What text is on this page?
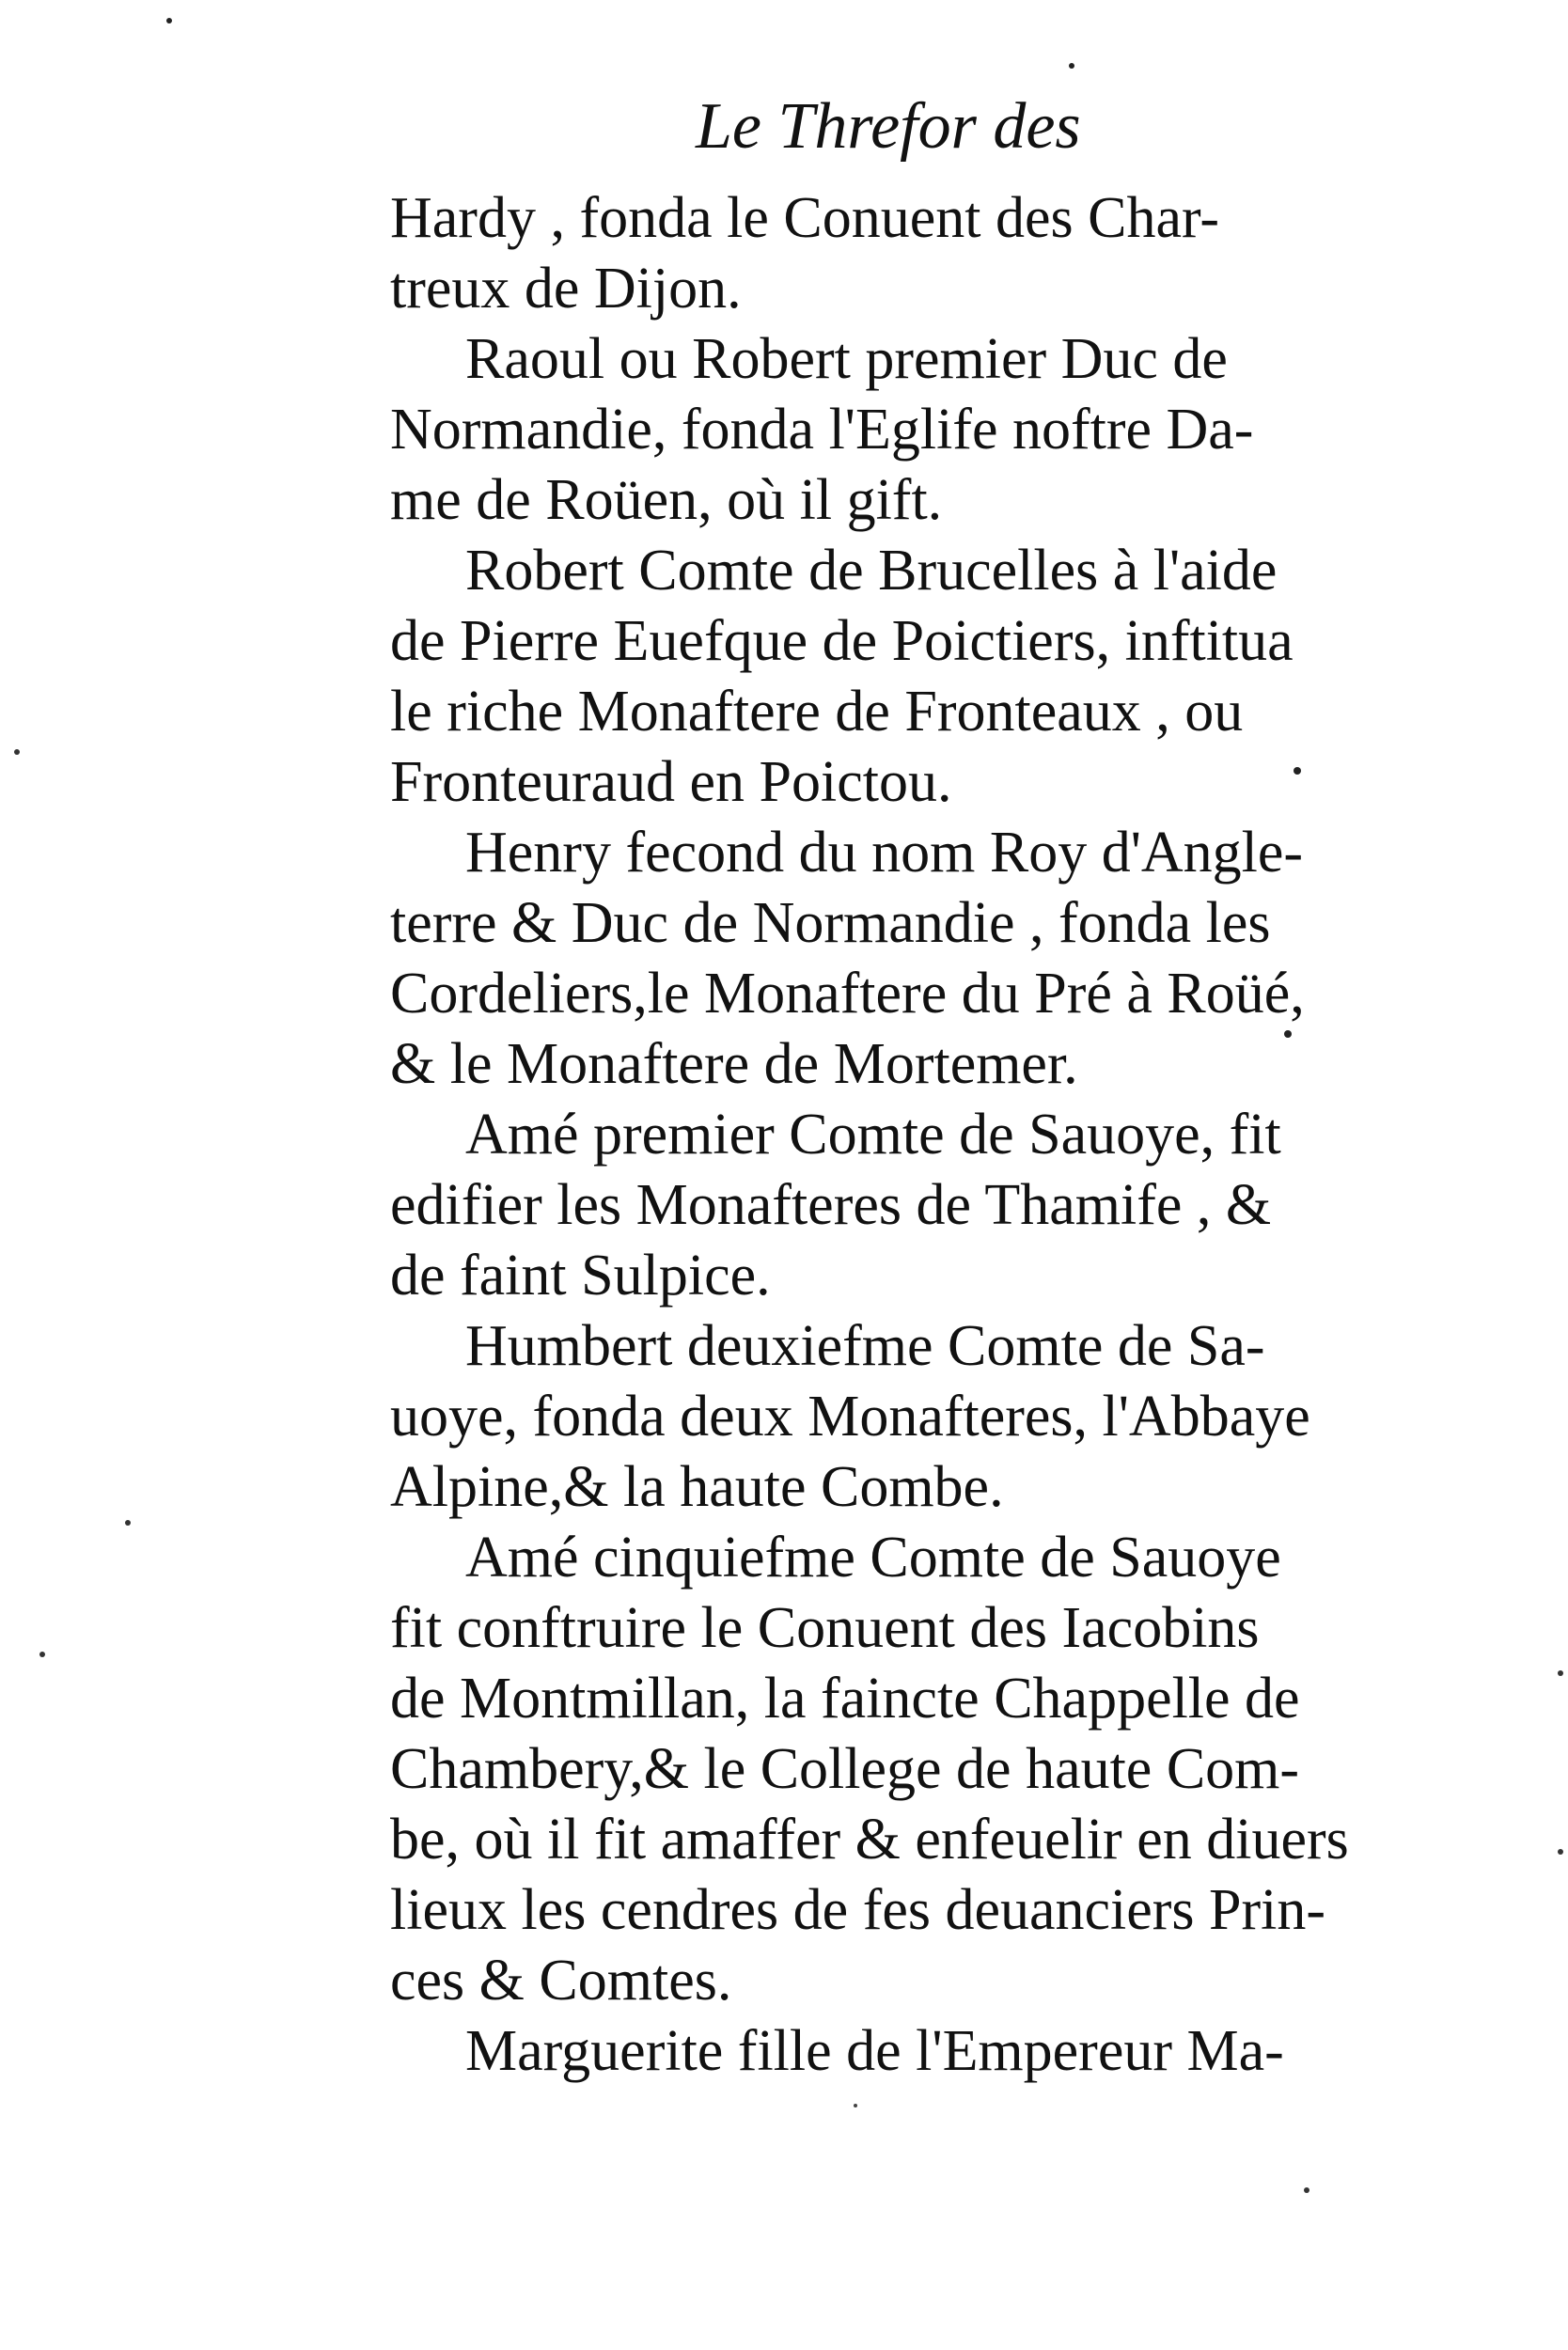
Le Threfor des
Hardy , fonda le Conuent des Char-
treux de Dijon.
Raoul ou Robert premier Duc de
Normandie, fonda l'Eglife noftre Da-
me de Roüen, où il gift.
Robert Comte de Brucelles à l'aide
de Pierre Euefque de Poictiers, inftitua
le riche Monaftere de Fronteaux , ou
Fronteuraud en Poictou.
Henry fecond du nom Roy d'Angle-
terre & Duc de Normandie , fonda les
Cordeliers,le Monaftere du Pré à Roüé,
& le Monaftere de Mortemer.
Amé premier Comte de Sauoye, fit
edifier les Monafteres de Thamife , &
de faint Sulpice.
Humbert deuxiefme Comte de Sa-
uoye, fonda deux Monafteres, l'Abbaye
Alpine,& la haute Combe.
Amé cinquiefme Comte de Sauoye
fit conftruire le Conuent des Iacobins
de Montmillan, la faincte Chappelle de
Chambery,& le College de haute Com-
be, où il fit amaffer & enfeuelir en diuers
lieux les cendres de fes deuanciers Prin-
ces & Comtes.
Marguerite fille de l'Empereur Ma-
